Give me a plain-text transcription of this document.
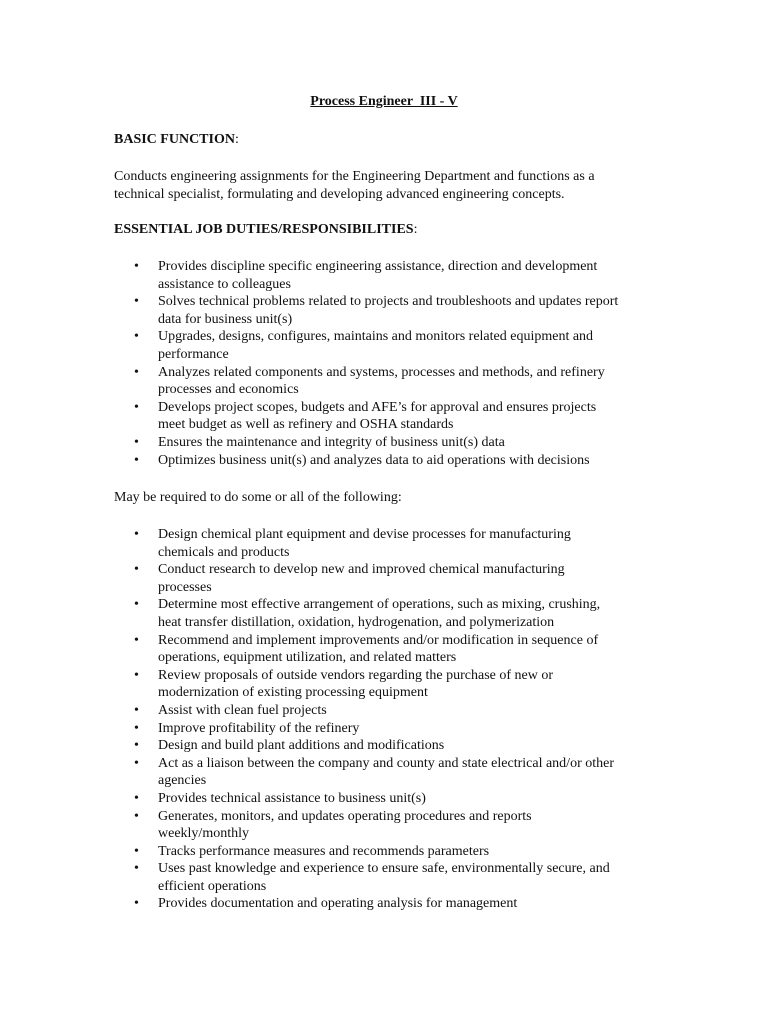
Process Engineer  III - V
BASIC FUNCTION:
Conducts engineering assignments for the Engineering Department and functions as a
technical specialist, formulating and developing advanced engineering concepts.
ESSENTIAL JOB DUTIES/RESPONSIBILITIES:
• Provides discipline specific engineering assistance, direction and development
assistance to colleagues
• Solves technical problems related to projects and troubleshoots and updates report
data for business unit(s)
• Upgrades, designs, configures, maintains and monitors related equipment and
performance
• Analyzes related components and systems, processes and methods, and refinery
processes and economics
• Develops project scopes, budgets and AFE’s for approval and ensures projects
meet budget as well as refinery and OSHA standards
• Ensures the maintenance and integrity of business unit(s) data
• Optimizes business unit(s) and analyzes data to aid operations with decisions
May be required to do some or all of the following:
• Design chemical plant equipment and devise processes for manufacturing
chemicals and products
• Conduct research to develop new and improved chemical manufacturing
processes
• Determine most effective arrangement of operations, such as mixing, crushing,
heat transfer distillation, oxidation, hydrogenation, and polymerization
• Recommend and implement improvements and/or modification in sequence of
operations, equipment utilization, and related matters
• Review proposals of outside vendors regarding the purchase of new or
modernization of existing processing equipment
• Assist with clean fuel projects
• Improve profitability of the refinery
• Design and build plant additions and modifications
• Act as a liaison between the company and county and state electrical and/or other
agencies
• Provides technical assistance to business unit(s)
• Generates, monitors, and updates operating procedures and reports
weekly/monthly
• Tracks performance measures and recommends parameters
• Uses past knowledge and experience to ensure safe, environmentally secure, and
efficient operations
• Provides documentation and operating analysis for management
